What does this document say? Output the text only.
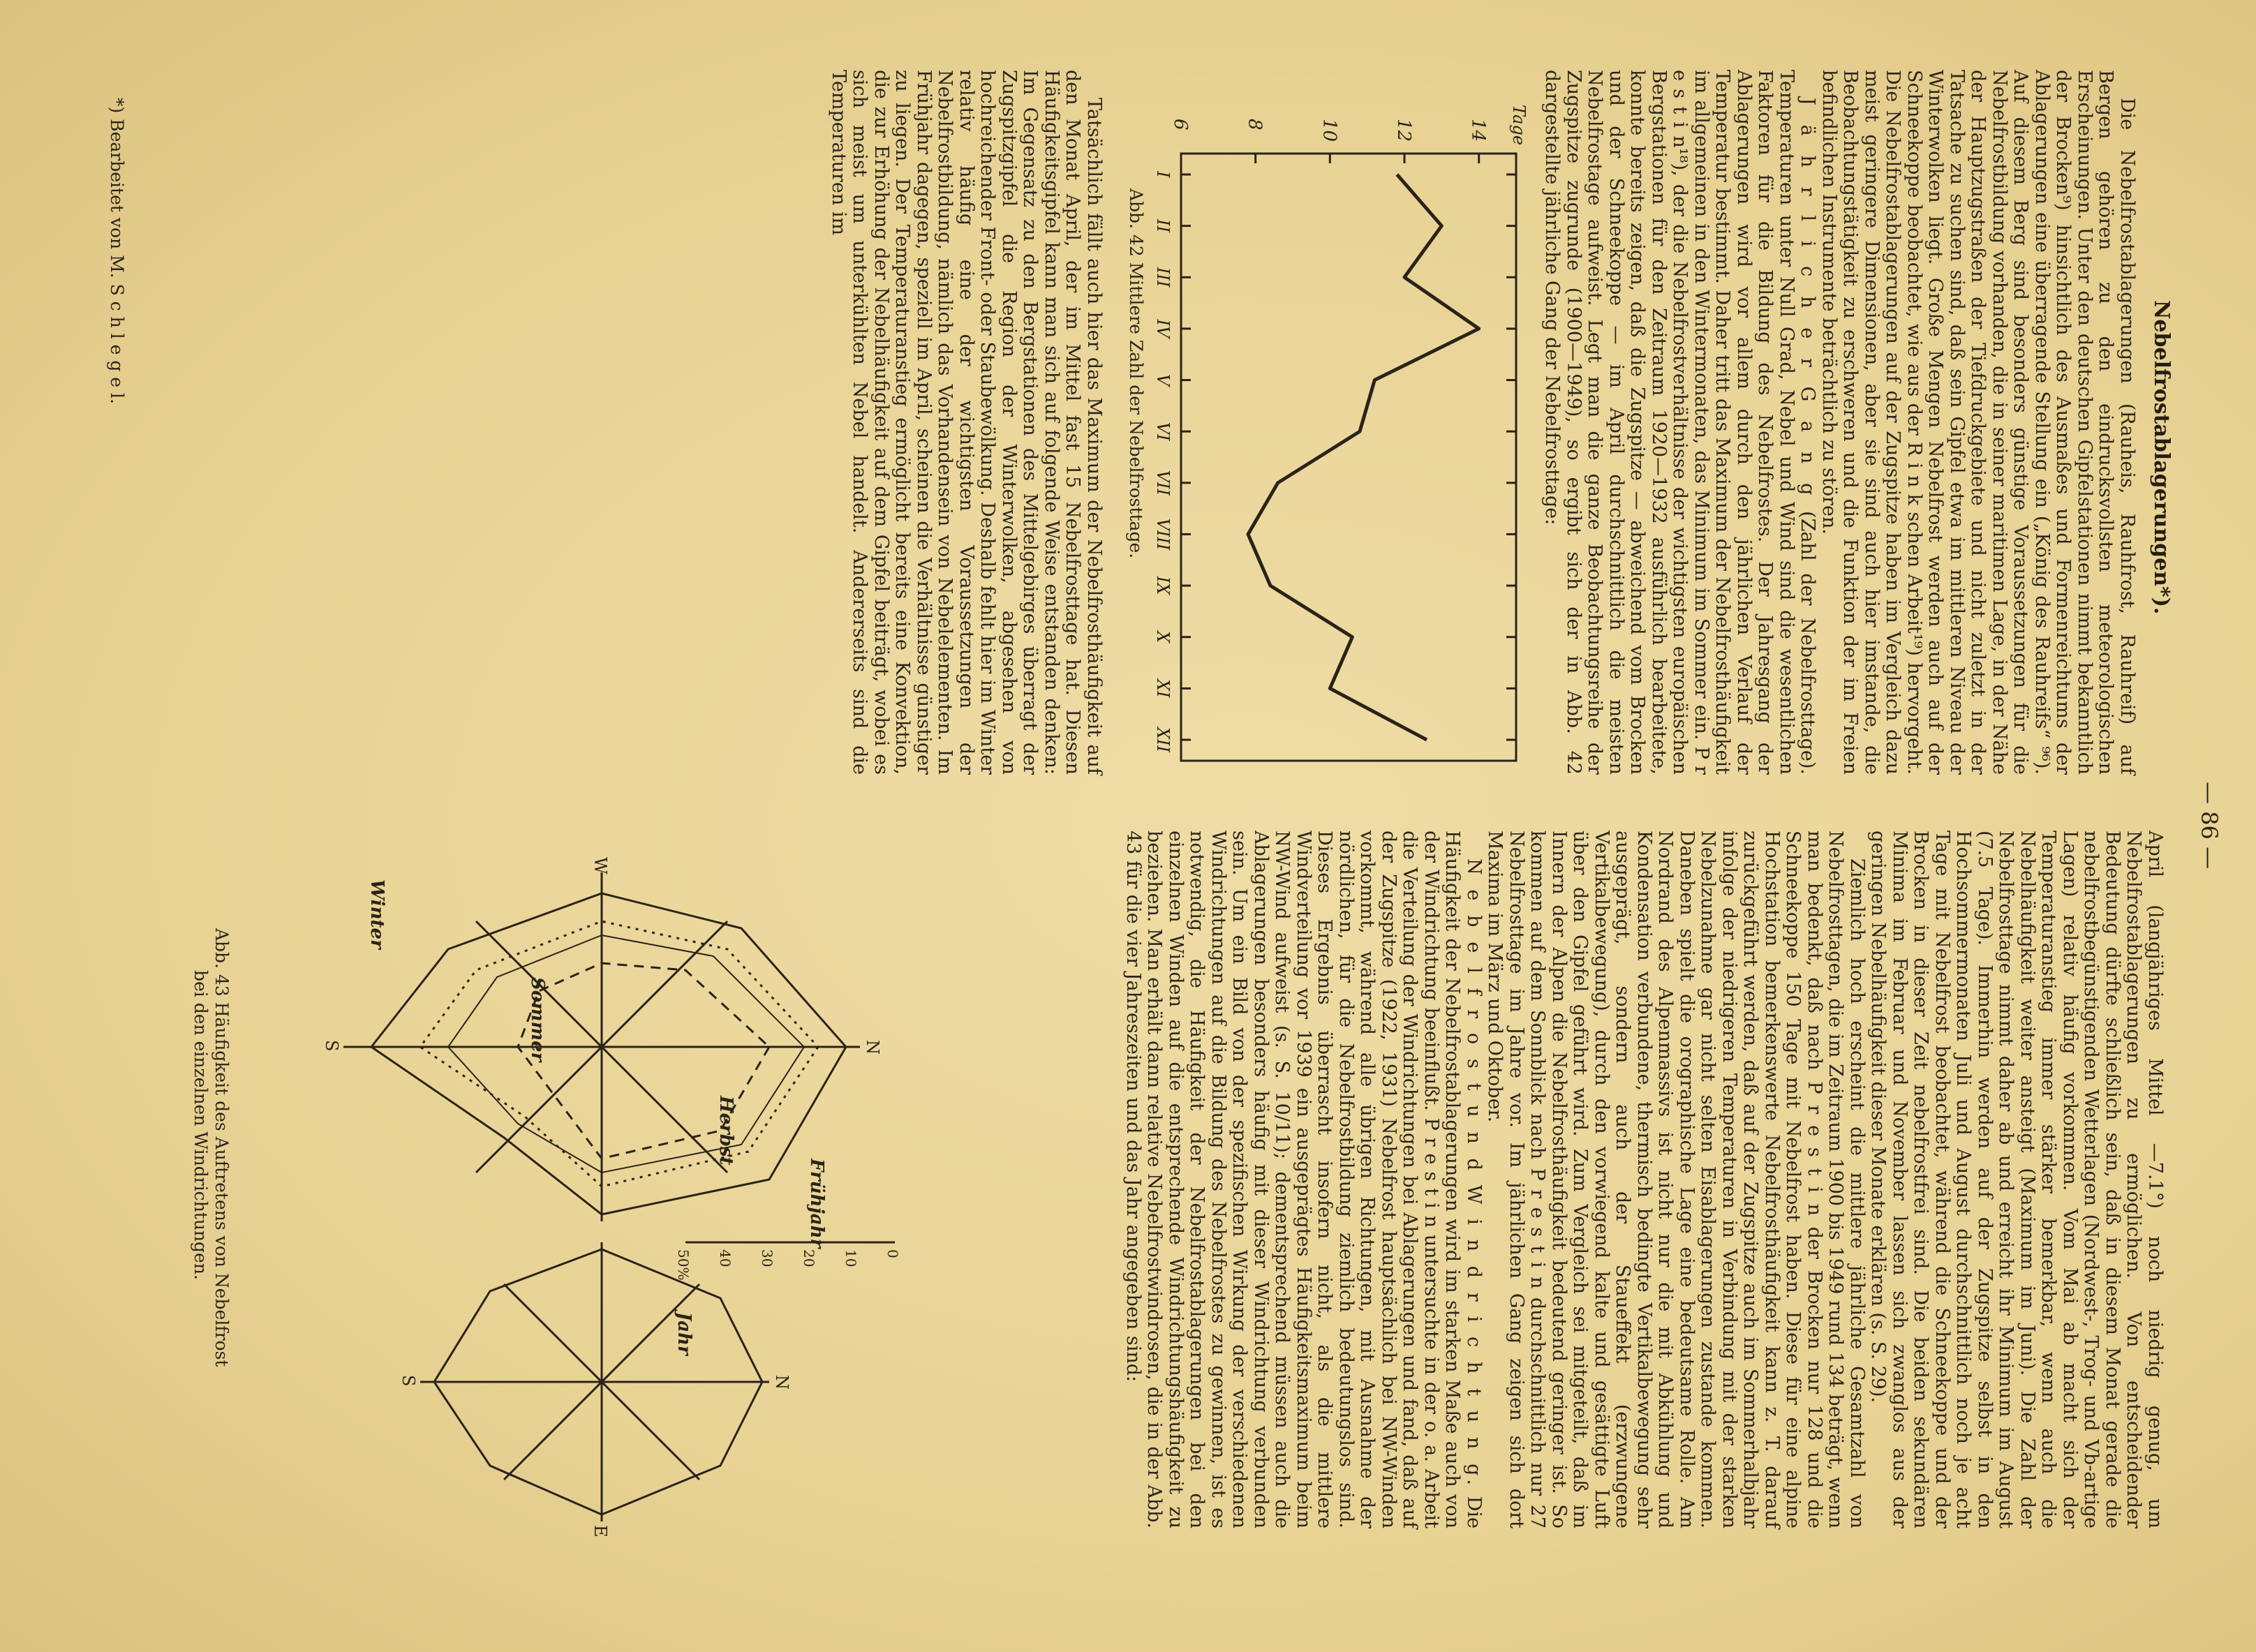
— 86 —
Nebelfrostablagerungen*).

Die Nebelfrostablagerungen (Rauheis, Rauhfrost, Rauhreif) auf Bergen gehören zu den eindrucksvollsten meteorologischen Erscheinungen. Unter den deutschen Gipfelstationen nimmt bekanntlich der Brocken⁹) hinsichtlich des Ausmaßes und Formenreichtums der Ablagerungen eine überragende Stellung ein („König des Rauhreifs“ ⁹⁶). Auf diesem Berg sind besonders günstige Voraussetzungen für die Nebelfrostbildung vorhanden, die in seiner maritimen Lage, in der Nähe der Hauptzugstraßen der Tiefdruckgebiete und nicht zuletzt in der Tatsache zu suchen sind, daß sein Gipfel etwa im mittleren Niveau der Winterwolken liegt. Große Mengen Nebelfrost werden auch auf der Schneekoppe beobachtet, wie aus der R i n k schen Arbeit¹⁹) hervorgeht. Die Nebelfrostablagerungen auf der Zugspitze haben im Vergleich dazu meist geringere Dimensionen, aber sie sind auch hier imstande, die Beobachtungstätigkeit zu erschweren und die Funktion der im Freien befindlichen Instrumente beträchtlich zu stören.

J ä h r l i c h e r G a n g (Zahl der Nebelfrosttage). Temperaturen unter Null Grad, Nebel und Wind sind die wesentlichen Faktoren für die Bildung des Nebelfrostes. Der Jahresgang der Ablagerungen wird vor allem durch den jährlichen Verlauf der Temperatur bestimmt. Daher tritt das Maximum der Nebelfrosthäufigkeit im allgemeinen in den Wintermonaten, das Minimum im Sommer ein. P r e s t i n¹⁸), der die Nebelfrostverhältnisse der wichtigsten europäischen Bergstationen für den Zeitraum 1920—1932 ausführlich bearbeitete, konnte bereits zeigen, daß die Zugspitze — abweichend vom Brocken und der Schneekoppe — im April durchschnittlich die meisten Nebelfrostage aufweist. Legt man die ganze Beobachtungsreihe der Zugspitze zugrunde (1900—1949), so ergibt sich der in Abb. 42 dargestellte jährliche Gang der Nebelfrosttage:

6	8	10	12	14 Tage
I
II
III
IV
V
VI
VII
VIII
IX
X
XI
XII
Abb. 42 Mittlere Zahl der Nebelfrosttage.

Tatsächlich fällt auch hier das Maximum der Nebelfrosthäufigkeit auf den Monat April, der im Mittel fast 15 Nebelfrosttage hat. Diesen Häufigkeitsgipfel kann man sich auf folgende Weise entstanden denken: Im Gegensatz zu den Bergstationen des Mittelgebirges überragt der Zugspitzgipfel die Region der Winterwolken, abgesehen von hochreichender Front- oder Staubewölkung. Deshalb fehlt hier im Winter relativ häufig eine der wichtigsten Voraussetzungen der Nebelfrostbildung, nämlich das Vorhandensein von Nebelelementen. Im Frühjahr dagegen, speziell im April, scheinen die Verhältnisse günstiger zu liegen. Der Temperaturanstieg ermöglicht bereits eine Konvektion, die zur Erhöhung der Nebelhäufigkeit auf dem Gipfel beiträgt, wobei es sich meist um unterkühlten Nebel handelt. Andererseits sind die Temperaturen im

*) Bearbeitet von M. S c h l e g e l.

April (langjähriges Mittel —7.1°) noch niedrig genug, um Nebelfrostablagerungen zu ermöglichen. Von entscheidender Bedeutung dürfte schließlich sein, daß in diesem Monat gerade die nebelfrostbegünstigenden Wetterlagen (Nordwest-, Trog- und Vb-artige Lagen) relativ häufig vorkommen. Vom Mai ab macht sich der Temperaturanstieg immer stärker bemerkbar, wenn auch die Nebelhäufigkeit weiter ansteigt (Maximum im Juni). Die Zahl der Nebelfrosttage nimmt daher ab und erreicht ihr Minimum im August (7.5 Tage). Immerhin werden auf der Zugspitze selbst in den Hochsommermonaten Juli und August durchschnittlich noch je acht Tage mit Nebelfrost beobachtet, während die Schneekoppe und der Brocken in dieser Zeit nebelfrostfrei sind. Die beiden sekundären Minima im Februar und November lassen sich zwanglos aus der geringen Nebelhäufigkeit dieser Monate erklären (s. S. 29).

Ziemlich hoch erscheint die mittlere jährliche Gesamtzahl von Nebelfrosttagen, die im Zeitraum 1900 bis 1949 rund 134 beträgt, wenn man bedenkt, daß nach P r e s t i n der Brocken nur 128 und die Schneekoppe 150 Tage mit Nebelfrost haben. Diese für eine alpine Hochstation bemerkenswerte Nebelfrosthäufigkeit kann z. T. darauf zurückgeführt werden, daß auf der Zugspitze auch im Sommerhalbjahr infolge der niedrigeren Temperaturen in Verbindung mit der starken Nebelzunahme gar nicht selten Eisablagerungen zustande kommen. Daneben spielt die orographische Lage eine bedeutsame Rolle. Am Nordrand des Alpenmassivs ist nicht nur die mit Abkühlung und Kondensation verbundene, thermisch bedingte Vertikalbewegung sehr ausgeprägt, sondern auch der Staueffekt (erzwungene Vertikalbewegung), durch den vorwiegend kalte und gesättigte Luft über den Gipfel geführt wird. Zum Vergleich sei mitgeteilt, daß im Innern der Alpen die Nebelfrosthäufigkeit bedeutend geringer ist. So kommen auf dem Sonnblick nach P r e s t i n durchschnittlich nur 27 Nebelfrosttage im Jahre vor. Im jährlichen Gang zeigen sich dort Maxima im März und Oktober.

N e b e l f r o s t u n d W i n d r i c h t u n g. Die Häufigkeit der Nebelfrostablagerungen wird im starken Maße auch von der Windrichtung beeinflußt. P r e s t i n untersuchte in der o. a. Arbeit die Verteilung der Windrichtungen bei Ablagerungen und fand, daß auf der Zugspitze (1922, 1931) Nebelfrost hauptsächlich bei NW-Winden vorkommt, während alle übrigen Richtungen, mit Ausnahme der nördlichen, für die Nebelfrostbildung ziemlich bedeutungslos sind. Dieses Ergebnis überrascht insofern nicht, als die mittlere Windverteilung vor 1939 ein ausgeprägtes Häufigkeitsmaximum beim NW-Wind aufweist (s. S. 10/11); dementsprechend müssen auch die Ablagerungen besonders häufig mit dieser Windrichtung verbunden sein. Um ein Bild von der spezifischen Wirkung der verschiedenen Windrichtungen auf die Bildung des Nebelfrostes zu gewinnen, ist es notwendig, die Häufigkeit der Nebelfrostablagerungen bei den einzelnen Winden auf die entsprechende Windrichtungshäufigkeit zu beziehen. Man erhält dann relative Nebelfrostwindrosen, die in der Abb. 43 für die vier Jahreszeiten und das Jahr angegeben sind:

0
10
20
30
40
50%
Winter
Sommer
Frühjahr
Herbst
Jahr
N
S
W
N
S
E
Abb. 43 Häufigkeit des Auftretens von Nebelfrost
bei den einzelnen Windrichtungen.
